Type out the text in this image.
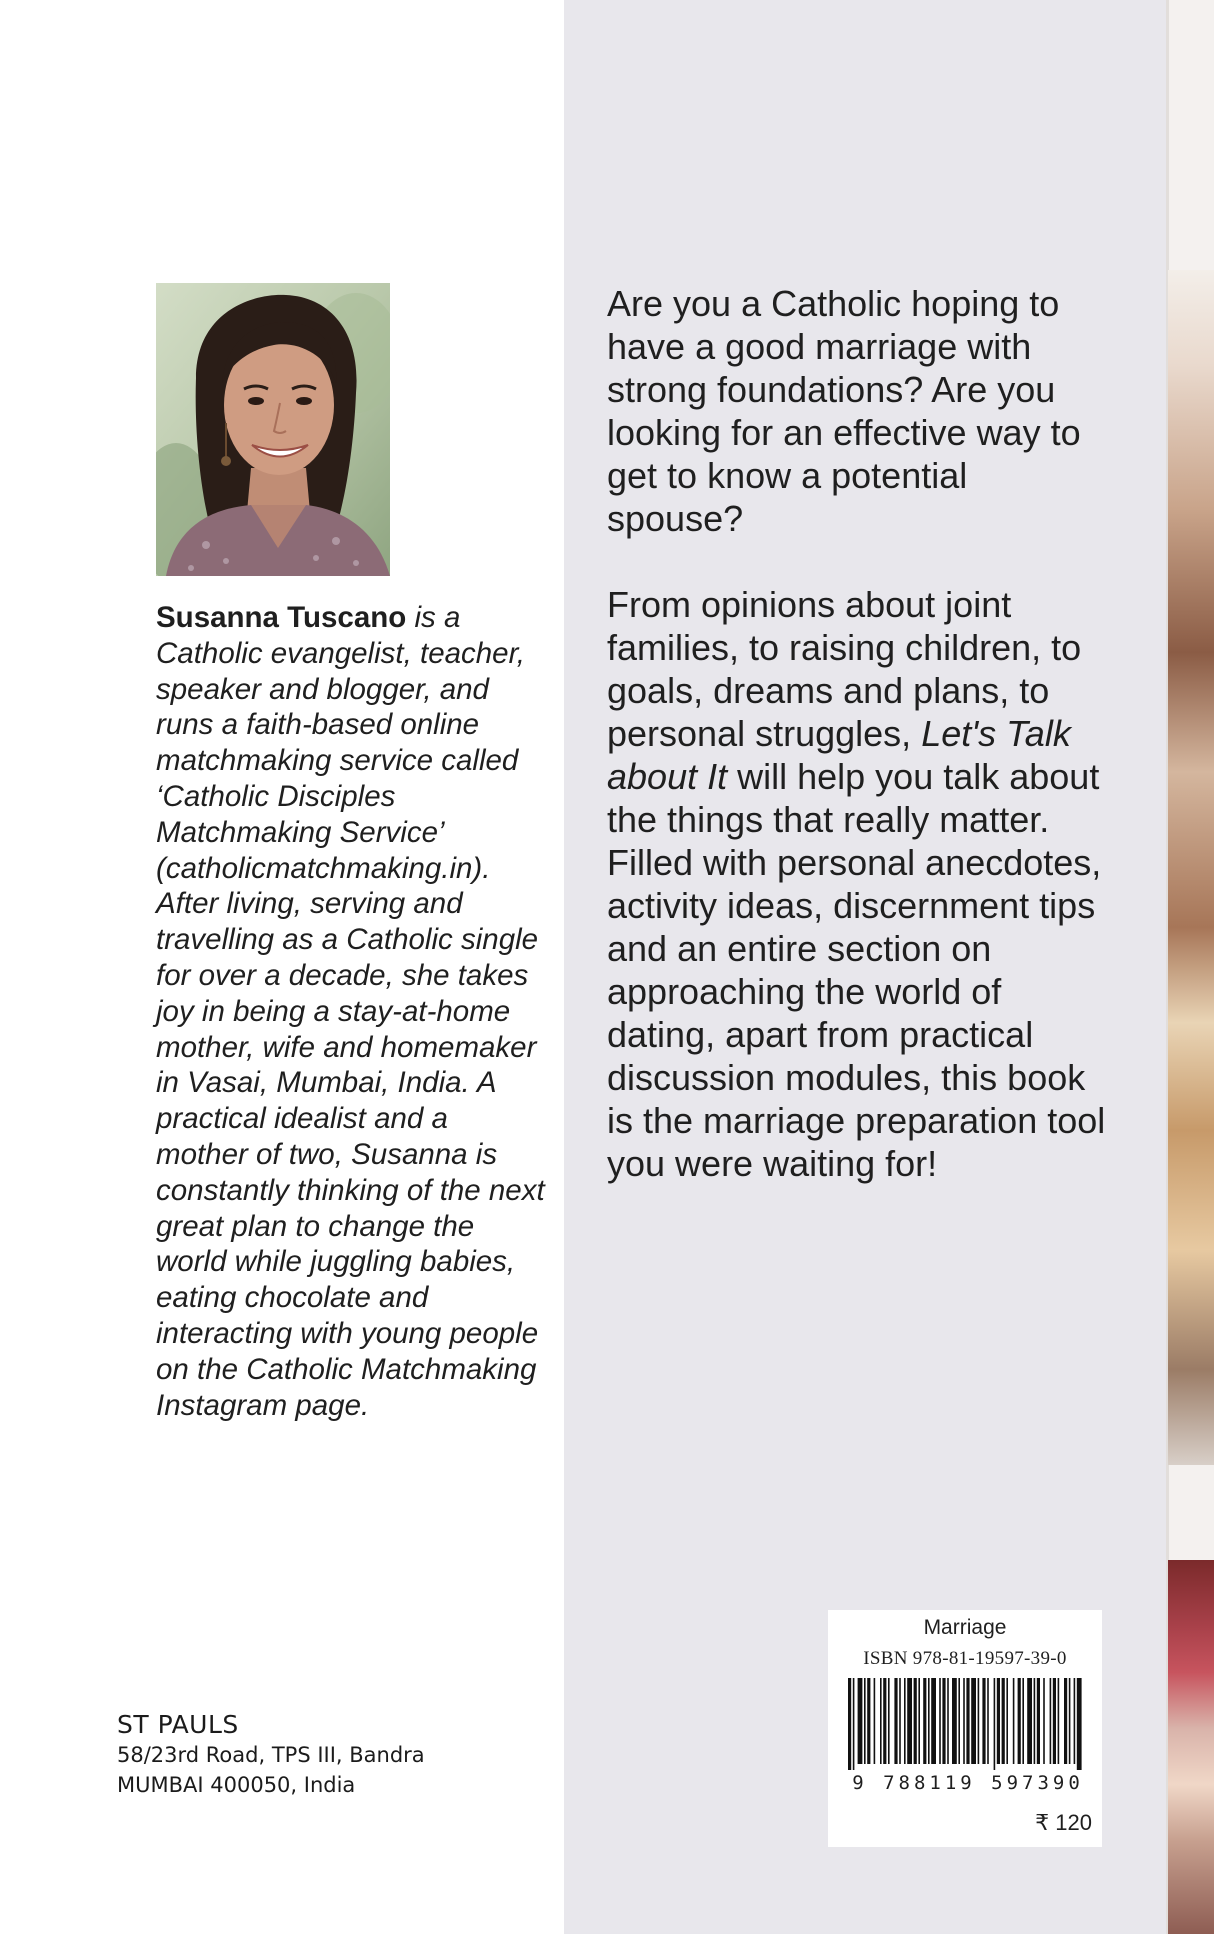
Susanna Tuscano is a Catholic evangelist, teacher, speaker and blogger, and runs a faith-based online matchmaking service called ‘Catholic Disciples Matchmaking Service’ (catholicmatchmaking.in). After living, serving and travelling as a Catholic single for over a decade, she takes joy in being a stay-at-home mother, wife and homemaker in Vasai, Mumbai, India. A practical idealist and a mother of two, Susanna is constantly thinking of the next great plan to change the world while juggling babies, eating chocolate and interacting with young people on the Catholic Matchmaking Instagram page.

Are you a Catholic hoping to have a good marriage with strong foundations? Are you looking for an effective way to get to know a potential spouse?

From opinions about joint families, to raising children, to goals, dreams and plans, to personal struggles, Let's Talk about It will help you talk about the things that really matter. Filled with personal anecdotes, activity ideas, discernment tips and an entire section on approaching the world of dating, apart from practical discussion modules, this book is the marriage preparation tool you were waiting for!

ST PAULS
58/23rd Road, TPS III, Bandra
MUMBAI 400050, India
Marriage
ISBN 978-81-19597-39-0
9 788119 597390
₹ 120
